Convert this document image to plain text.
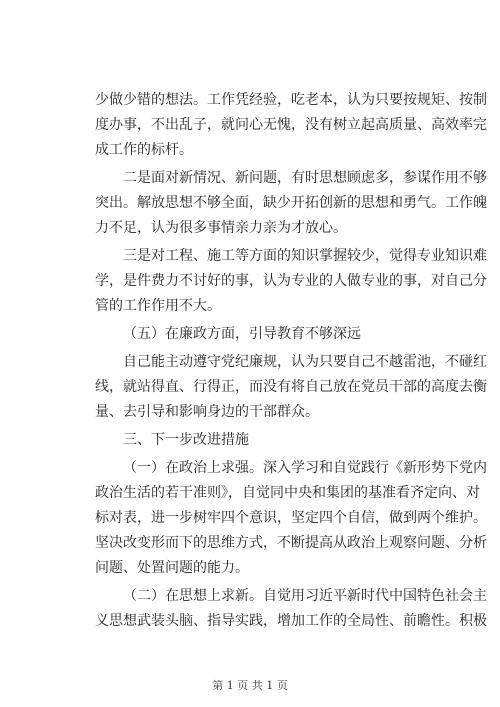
少做少错的想法。工作凭经验，吃老本，认为只要按规矩、按制
度办事，不出乱子，就问心无愧，没有树立起高质量、高效率完
成工作的标杆。

二是面对新情况、新问题，有时思想顾虑多，参谋作用不够
突出。解放思想不够全面，缺少开拓创新的思想和勇气。工作魄
力不足，认为很多事情亲力亲为才放心。

三是对工程、施工等方面的知识掌握较少，觉得专业知识难
学，是件费力不讨好的事，认为专业的人做专业的事，对自己分
管的工作作用不大。

（五）在廉政方面，引导教育不够深远

自己能主动遵守党纪廉规，认为只要自己不越雷池，不碰红
线，就站得直、行得正，而没有将自己放在党员干部的高度去衡
量、去引导和影响身边的干部群众。

三、下一步改进措施

（一）在政治上求强。深入学习和自觉践行《新形势下党内
政治生活的若干准则》，自觉同中央和集团的基准看齐定向、对
标对表，进一步树牢四个意识，坚定四个自信，做到两个维护。
坚决改变形而下的思维方式，不断提高从政治上观察问题、分析
问题、处置问题的能力。

（二）在思想上求新。自觉用习近平新时代中国特色社会主
义思想武装头脑、指导实践，增加工作的全局性、前瞻性。积极

第 1 页 共 1 页
